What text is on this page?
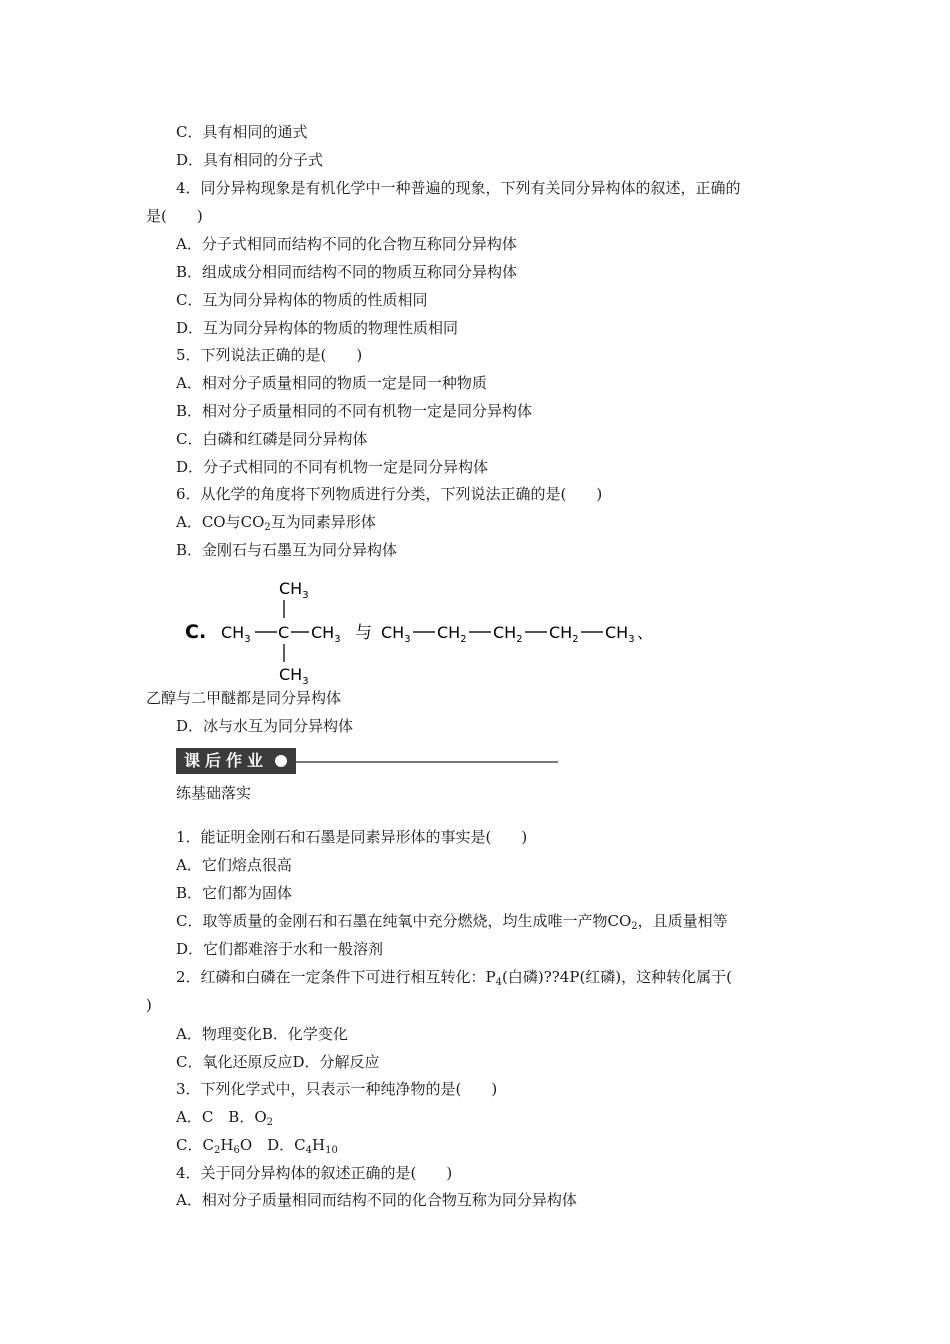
C．具有相同的通式
D．具有相同的分子式
4．同分异构现象是有机化学中一种普遍的现象，下列有关同分异构体的叙述，正确的
是(　　)
A．分子式相同而结构不同的化合物互称同分异构体
B．组成成分相同而结构不同的物质互称同分异构体
C．互为同分异构体的物质的性质相同
D．互为同分异构体的物质的物理性质相同
5．下列说法正确的是(　　)
A．相对分子质量相同的物质一定是同一种物质
B．相对分子质量相同的不同有机物一定是同分异构体
C．白磷和红磷是同分异构体
D．分子式相同的不同有机物一定是同分异构体
6．从化学的角度将下列物质进行分类，下列说法正确的是(　　)
A．CO与$CO_2$互为同素异形体
B．金刚石与石墨互为同分异构体
C.
$CH_3$
$CH_3$ C $CH_3$
$CH_3$
与 $CH_3$ $CH_2$ $CH_2$ $CH_2$ $CH_3$ 、
乙醇与二甲醚都是同分异构体
D．冰与水互为同分异构体
课后作业
练基础落实
1．能证明金刚石和石墨是同素异形体的事实是(　　)
A．它们熔点很高
B．它们都为固体
C．取等质量的金刚石和石墨在纯氧中充分燃烧，均生成唯一产物$CO_2$，且质量相等
D．它们都难溶于水和一般溶剂
2．红磷和白磷在一定条件下可进行相互转化：$P_4$(白磷)??4P(红磷)，这种转化属于(
)
A．物理变化B．化学变化
C．氧化还原反应D．分解反应
3．下列化学式中，只表示一种纯净物的是(　　)
A．C　B．$O_2$
C．$C_2H_6O$　D．$C_4H_{10}$
4．关于同分异构体的叙述正确的是(　　)
A．相对分子质量相同而结构不同的化合物互称为同分异构体
